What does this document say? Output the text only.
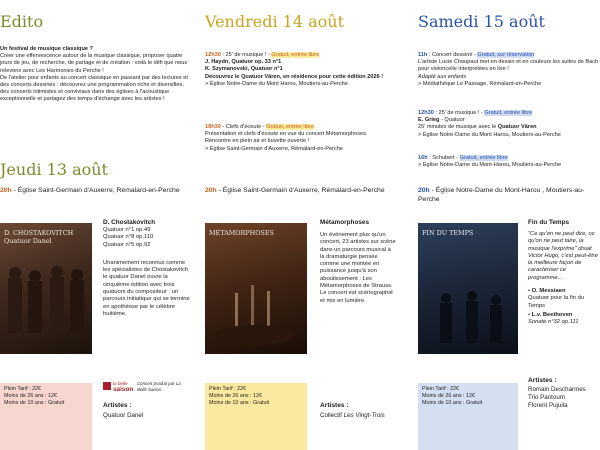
Edito

Un festival de musique classique ?

Créer une effervescence autour de la musique classique, proposer quatre jours de jeu, de recherche, de partage et de création : voilà le défi que nous relevons avec Les Harmonies du Perche !

De l'atelier pour enfants au concert classique en passant par des lectures et des concerts dessinés : découvrez une programmation riche et diversifiée, des concerts intimistes et conviviaux dans des églises à l'acoustique exceptionnelle et partagez des temps d'échange avec les artistes !

Jeudi 13 août
20h - Église Saint-Germain d'Auxerre, Rémalard-en-Perche
D. CHOSTAKOVITCH
Quatuor Danel
D. Chostakovitch
Quatuor n°1 op.49
Quatuor n°8 op.110
Quatuor n°5 op.92
Unanimement reconnus comme les spécialistes de Chostakovitch le quatuor Danel ouvre la cinquième édition avec trois quatuors du compositeur : un parcours initiatique qui se termine en apothéose par le célèbre huitième.
Plein Tarif : 22€
Moins de 26 ans : 12€
Moins de 10 ans : Gratuit
la belle
saison
Concert produit par La Belle Saison
Artistes :
Quatuor Danel
Vendredi 14 août

12h30 : 25' de musique ! - Gratuit, entrée libre

J. Haydn, Quatuor op. 33 n°1

K. Szymanovski, Quatuor n°1

Découvrez le Quatuor Vâren, en résidence pour cette édition 2026 !

> Église Notre-Dame du Mont Harou, Moutiers-au-Perche

18h30 - Clefs d'écoute - Gratuit, entrée libre

Présentation et clefs d'écoute en vue du concert Métamorphoses.

Rencontre en plein air et buvette ouverte !

> Église Saint-Germain d'Auxerre, Rémalard-en-Perche

20h - Église Saint-Germain d'Auxerre, Rémalard-en-Perche
MÉTAMORPHOSES
Métamorphoses
Un événement plus qu'un concert, 23 artistes sur scène dans un parcours musical à la dramaturgie pensée comme une montée en puissance jusqu'à son aboutissement : Les Métamorphoses de Strauss.
Le concert est scénographié et mis en lumière.
Plein Tarif : 22€
Moins de 26 ans : 12€
Moins de 10 ans : Gratuit	Artistes :
Collectif Les Vingt-Trois
Samedi 15 août

11h : Concert dessiné - Gratuit, sur réservation

L'artiste Lucie Choupaut met en dessin et en couleurs les suites de Bach pour violoncelle interprétées en live !

Adapté aux enfants

> Médiathèque Le Passage, Rémalard-en-Perche

12h30 : 25' de musique ! - Gratuit, entrée libre

E. Grieg - Quatuor

25' minutes de musique avec le Quatuor Vâren

> Église Notre-Dame du Mont Harou, Moutiers-au-Perche

16h : Schubert - Gratuit, entrée libre

> Église Notre-Dame du Mont-Harou, Moutiers-au-Perche

20h - Église Notre-Dame du Mont-Harou , Moutiers-au-Perche
FIN DU TEMPS
Fin du Temps
"Ce qu'on ne peut dire, ce qu'on ne peut taire, la musique l'exprime" disait Victor Hugo, c'est peut-être la meilleure façon de caractériser ce programme...
• O. Messiaen
Quatuor pour la fin du Temps
• L.v. Beethoven
Sonate n°32 op.111
Plein Tarif : 22€
Moins de 26 ans : 12€
Moins de 10 ans : Gratuit
Artistes :
Romain Descharmes
Trio Pantoum
Florent Pujuila
